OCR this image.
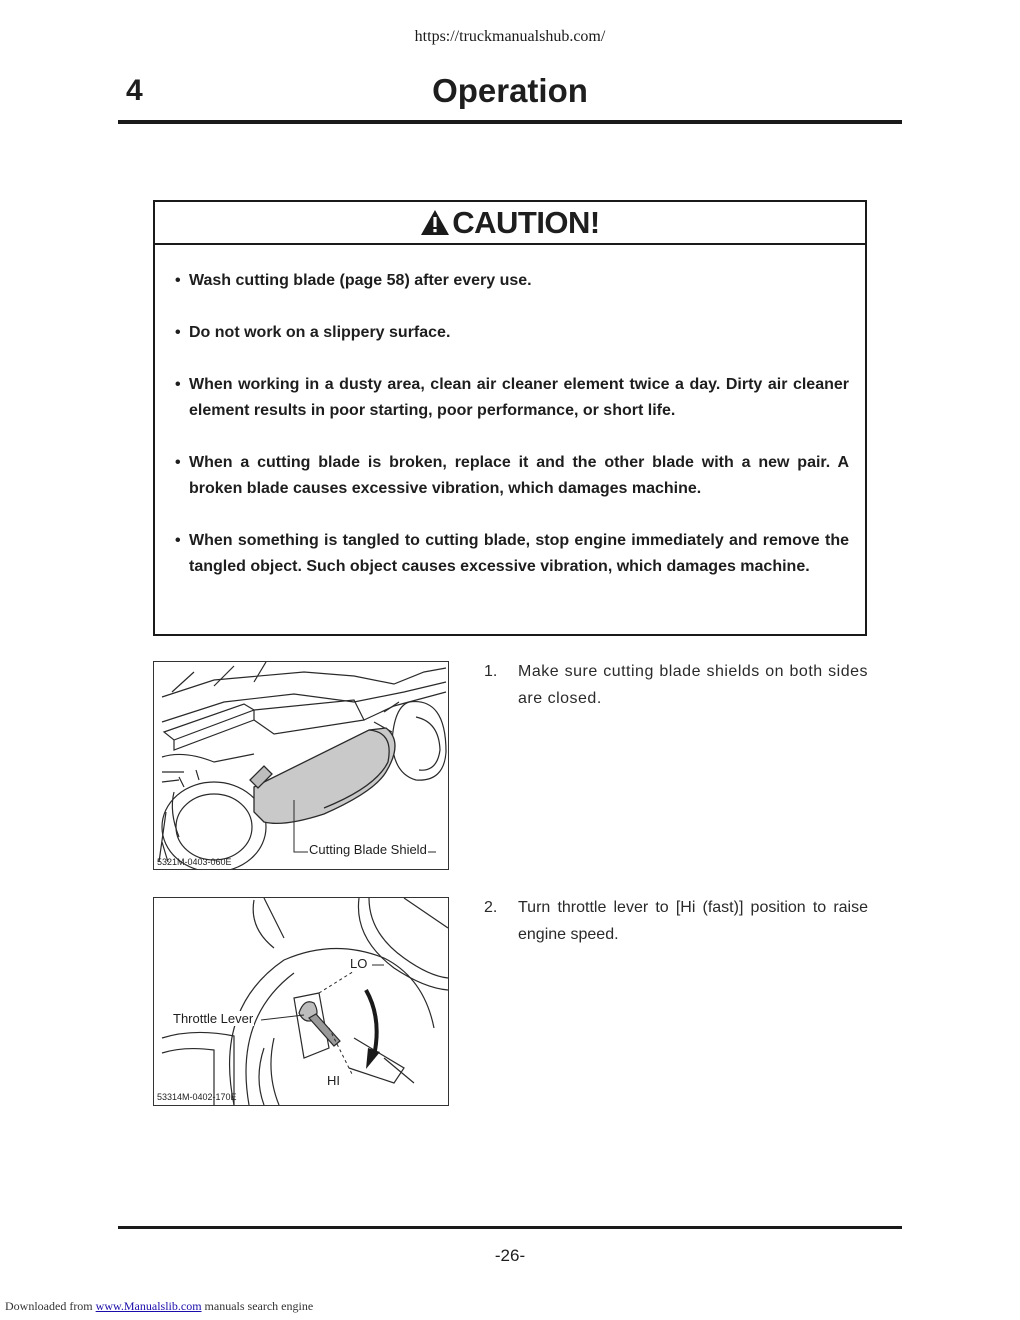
https://truckmanualshub.com/
4	Operation
CAUTION!
• Wash cutting blade (page 58) after every use.
• Do not work on a slippery surface.
• When working in a dusty area, clean air cleaner element twice a day. Dirty air cleaner element results in poor starting, poor performance, or short life.
• When a cutting blade is broken, replace it and the other blade with a new pair. A broken blade causes excessive vibration, which damages machine.
• When something is tangled to cutting blade, stop engine immediately and remove the tangled object. Such object causes excessive vibration, which damages machine.
Cutting Blade Shield
5321M-0403-060E
1. Make sure cutting blade shields on both sides are closed.
LO
Throttle Lever
HI
53314M-0402-170E
2. Turn throttle lever to [Hi (fast)] position to raise engine speed.
-26-
Downloaded from www.Manualslib.com manuals search engine
